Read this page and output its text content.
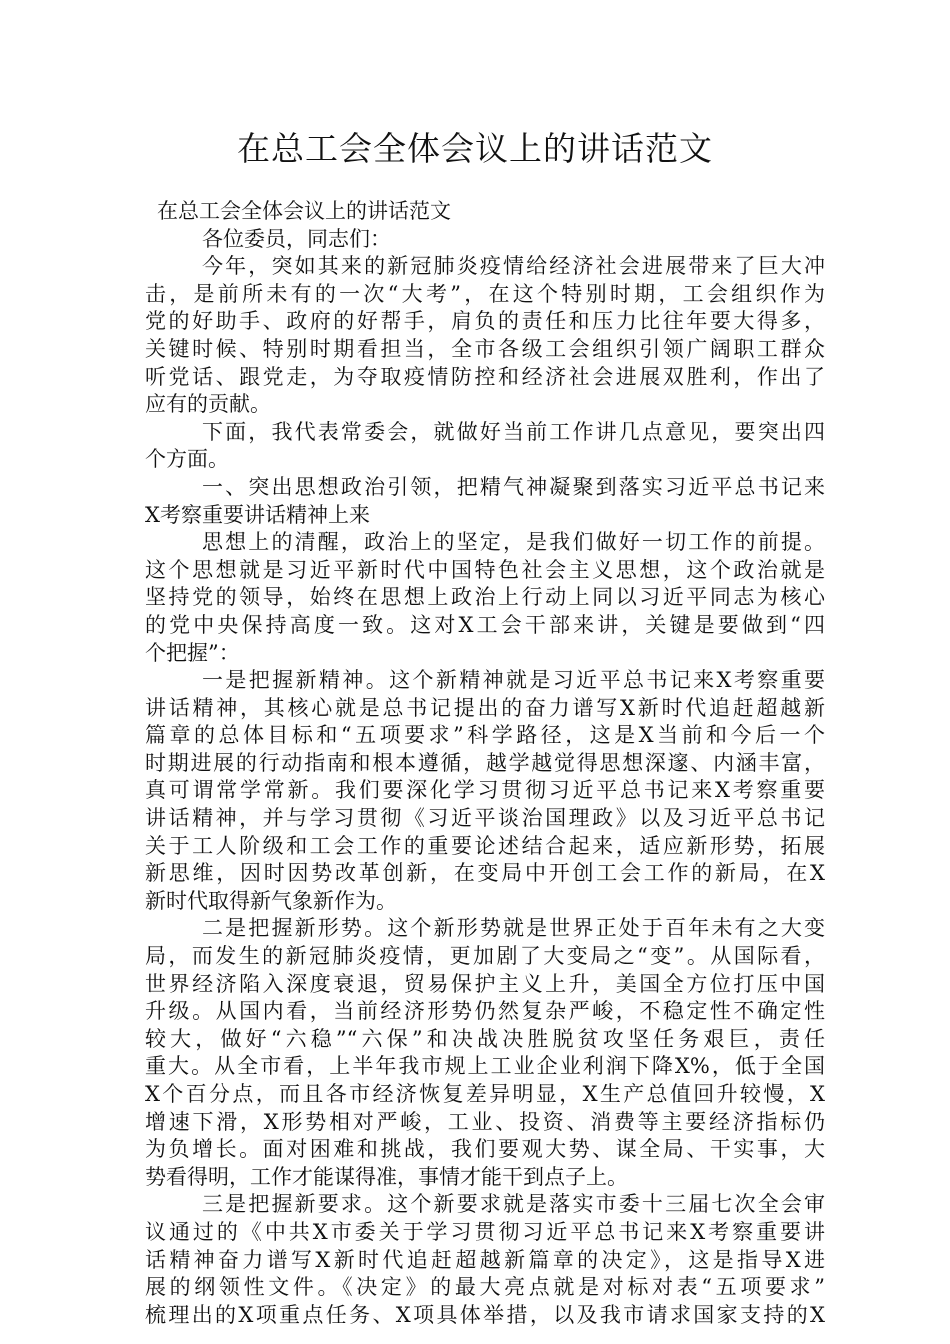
在总工会全体会议上的讲话范文
在总工会全体会议上的讲话范文
各位委员，同志们：
今年，突如其来的新冠肺炎疫情给经济社会进展带来了巨大冲
击，是前所未有的一次“大考”，在这个特别时期，工会组织作为
党的好助手、政府的好帮手，肩负的责任和压力比往年要大得多，
关键时候、特别时期看担当，全市各级工会组织引领广阔职工群众
听党话、跟党走，为夺取疫情防控和经济社会进展双胜利，作出了
应有的贡献。
下面，我代表常委会，就做好当前工作讲几点意见，要突出四
个方面。
一、突出思想政治引领，把精气神凝聚到落实习近平总书记来
X考察重要讲话精神上来
思想上的清醒，政治上的坚定，是我们做好一切工作的前提。
这个思想就是习近平新时代中国特色社会主义思想，这个政治就是
坚持党的领导，始终在思想上政治上行动上同以习近平同志为核心
的党中央保持高度一致。这对X工会干部来讲，关键是要做到“四
个把握”：
一是把握新精神。这个新精神就是习近平总书记来X考察重要
讲话精神，其核心就是总书记提出的奋力谱写X新时代追赶超越新
篇章的总体目标和“五项要求”科学路径，这是X当前和今后一个
时期进展的行动指南和根本遵循，越学越觉得思想深邃、内涵丰富，
真可谓常学常新。我们要深化学习贯彻习近平总书记来X考察重要
讲话精神，并与学习贯彻《习近平谈治国理政》以及习近平总书记
关于工人阶级和工会工作的重要论述结合起来，适应新形势，拓展
新思维，因时因势改革创新，在变局中开创工会工作的新局，在X
新时代取得新气象新作为。
二是把握新形势。这个新形势就是世界正处于百年未有之大变
局，而发生的新冠肺炎疫情，更加剧了大变局之“变”。从国际看，
世界经济陷入深度衰退，贸易保护主义上升，美国全方位打压中国
升级。从国内看，当前经济形势仍然复杂严峻，不稳定性不确定性
较大，做好“六稳”“六保”和决战决胜脱贫攻坚任务艰巨，责任
重大。从全市看，上半年我市规上工业企业利润下降X%，低于全国
X个百分点，而且各市经济恢复差异明显，X生产总值回升较慢，X
增速下滑，X形势相对严峻，工业、投资、消费等主要经济指标仍
为负增长。面对困难和挑战，我们要观大势、谋全局、干实事，大
势看得明，工作才能谋得准，事情才能干到点子上。
三是把握新要求。这个新要求就是落实市委十三届七次全会审
议通过的《中共X市委关于学习贯彻习近平总书记来X考察重要讲
话精神奋力谱写X新时代追赶超越新篇章的决定》，这是指导X进
展的纲领性文件。《决定》的最大亮点就是对标对表“五项要求”
梳理出的X项重点任务、X项具体举措，以及我市请求国家支持的X
